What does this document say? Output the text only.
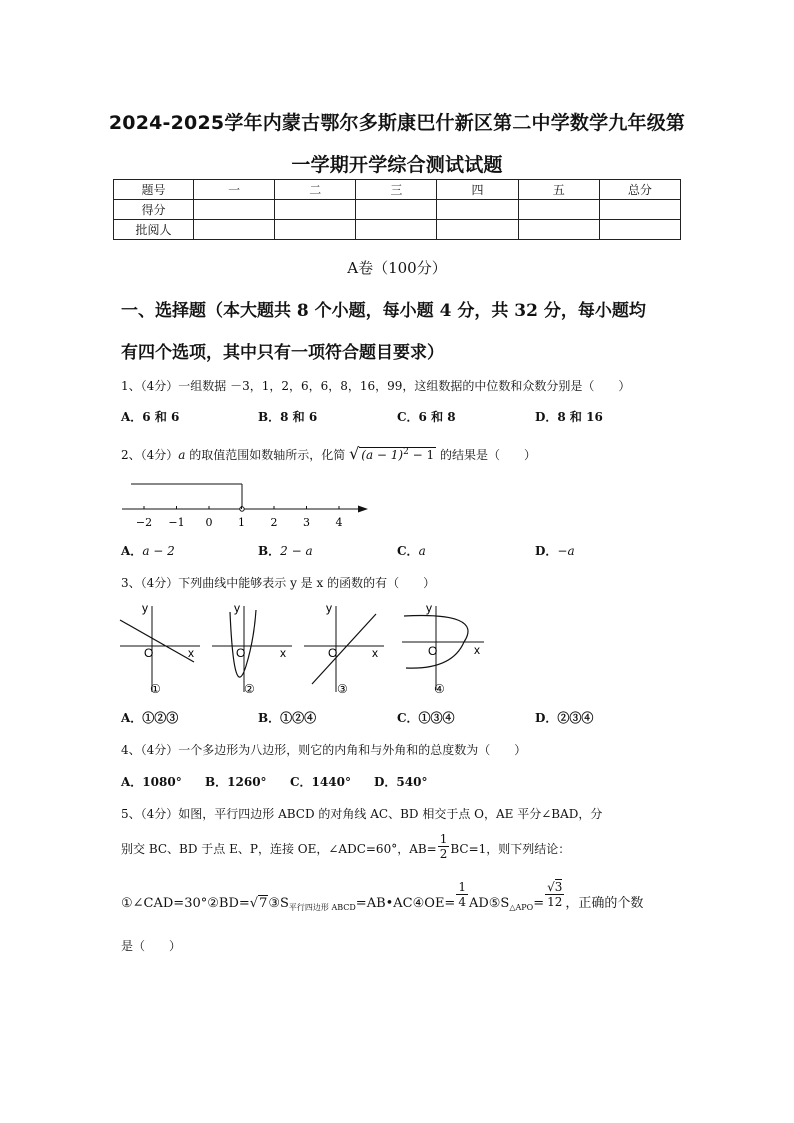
2024-2025学年内蒙古鄂尔多斯康巴什新区第二中学数学九年级第
一学期开学综合测试试题
题号	一	二	三	四	五	总分
得分						
批阅人						
A卷（100分）
一、选择题（本大题共 8 个小题，每小题 4 分，共 32 分，每小题均
有四个选项，其中只有一项符合题目要求）
1、（4分）一组数据 －3，1，2，6，6，8，16，99，这组数据的中位数和众数分别是（　　）
A．6 和 6	B．8 和 6	C．6 和 8	D．8 和 16
2、（4分）a 的取值范围如数轴所示，化简 √ $(a - 1)^2 - 1$ 的结果是（　　）
−2 −1 0 1 2 3 4
A．a − 2	B．2 − a	C．a	D．−a
3、（4分）下列曲线中能够表示 y 是 x 的函数的有（　　）
y
x
O
①
y
x
O
②
y
x
O
③
y
x
O
④
A．①②③	B．①②④	C．①③④	D．②③④
4、（4分）一个多边形为八边形，则它的内角和与外角和的总度数为（　　）
A．1080° B．1260° C．1440° D．540°
5、（4分）如图，平行四边形 ABCD 的对角线 AC、BD 相交于点 O，AE 平分∠BAD，分
别交 BC、BD 于点 E、P，连接 OE，∠ADC=60°，$AB= \frac{1}{2} BC=1$，则下列结论：
$①\angle CAD=30^\circ ②BD=√7③S_{平行四边形 ABCD}=AB•AC④OE= \frac{1}{4}$ $AD⑤S_{\triangle APO}= \frac{√3}{12}$ ，正确的个数
是（　　）
